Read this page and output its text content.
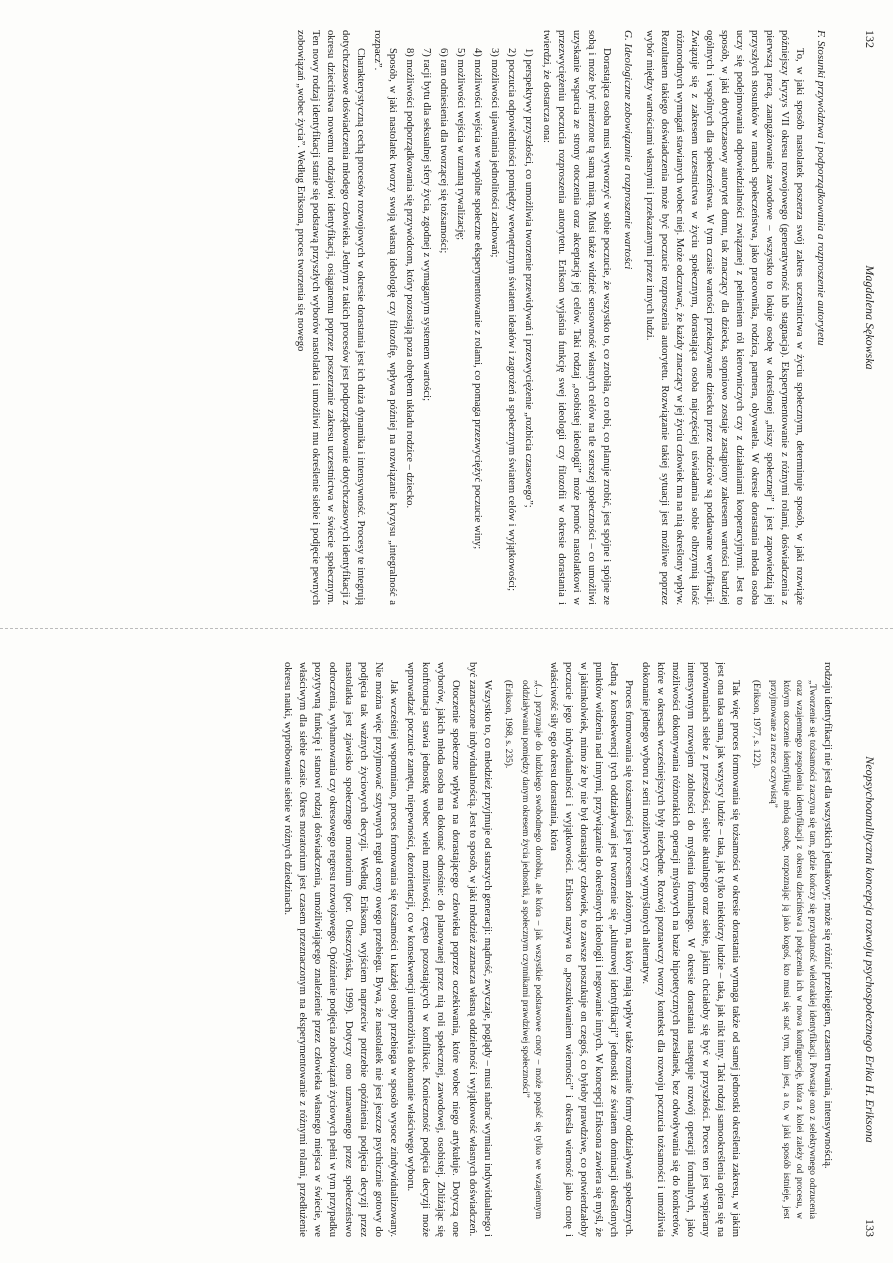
132
Magdalena Sękowska
F. Stosunki przywództwa i podporządkowania a rozproszenie autorytetu

To, w jaki sposób nastolatek poszerza swój zakres uczestnictwa w życiu społecznym, determinuje sposób, w jaki rozwiąże późniejszy kryzys VII okresu rozwojowego (generatywność lub stagnacja). Eksperymentowanie z różnymi rolami, doświadczenia z pierwszą pracą, zaangażowanie zawodowe – wszystko to lokuje osobę w określonej „niszy społecznej” i jest zapowiedzią jej przyszłych stosunków w ramach społeczeństwa, jako pracownika, rodzica, partnera, obywatela. W okresie dorastania młoda osoba uczy się podejmowania odpowiedzialności związanej z pełnieniem ról kierowniczych czy z działaniami kooperacyjnymi. Jest to sposób, w jaki dotychczasowy autorytet domu, tak znaczący dla dziecka, stopniowo zostaje zastąpiony zakresem wartości bardziej ogólnych i wspólnych dla społeczeństwa. W tym czasie wartości przekazywane dziecku przez rodziców są poddawane weryfikacji. Związuje się z zakresem uczestnictwa w życiu społecznym, dorastająca osoba najczęściej uświadamia sobie olbrzymią ilość różnorodnych wymagań stawianych wobec niej. Może odczuwać, że każdy znaczący w jej życiu człowiek ma na nią określony wpływ. Rezultatem takiego doświadczenia może być poczucie rozproszenia autorytetu. Rozwiązanie takiej sytuacji jest możliwe poprzez wybór między wartościami własnymi i przekazanymi przez innych ludzi.

G. Ideologiczne zobowiązanie a rozproszenie wartości

Dorastająca osoba musi wytworzyć w sobie poczucie, że wszystko to, co zrobiła, co robi, co planuje zrobić, jest spójne i spójne ze sobą i może być mierzone tą samą miarą. Musi także widzieć sensowność własnych celów na tle szerszej społeczności – co umożliwi uzyskanie wsparcia ze strony otoczenia oraz akceptację jej celów. Taki rodzaj „osobistej ideologii” może pomóc nastolatkowi w przezwyciężeniu poczucia rozproszenia autorytetu. Erikson wyjaśnia funkcję swej ideologii czy filozofii w okresie dorastania i twierdzi, że dostarcza ona:

1) perspektywy przyszłości, co umożliwia tworzenie przewidywań i przezwyciężenie „rozbicia czasowego”;

2) poczucia odpowiedniości pomiędzy wewnętrznym światem ideałów i zagrożeń a społecznym światem celów i wyjątkowości;

3) możliwości ujawniania jednolitości zachowań;

4) możliwości wejścia we wspólne społeczne eksperymentowanie z rolami, co pomaga przezwyciężyć poczucie winy;

5) możliwości wejścia w uznaną rywalizację;

6) ram odniesienia dla tworzącej się tożsamości;

7) racji bytu dla seksualnej sfery życia, zgodnej z wymaganym systemem wartości;

8) możliwości podporządkowania się przywódcom, który pozostają poza obrębem układu rodzice – dziecko.

Sposób, w jaki nastolatek tworzy swoją własną ideologię czy filozofię, wpływa później na rozwiązanie kryzysu „integralność a rozpacz”.

Charakterystyczną cechą procesów rozwojowych w okresie dorastania jest ich duża dynamika i intensywność. Procesy te integrują dotychczasowe doświadczenia młodego człowieka. Jednym z takich procesów jest podporządkowanie dotychczasowych identyfikacji z okresu dzieciństwa nowemu rodzajowi identyfikacji, osiąganemu poprzez poszerzanie zakresu uczestnictwa w świecie społecznym. Ten nowy rodzaj identyfikacji stanie się podstawą przyszłych wyborów nastolatka i umożliwi mu określenie siebie i podjęcie pewnych zobowiązań „wobec życia”. Według Eriksona, proces tworzenia się nowego

Neopsychoanalityczna koncepcja rozwoju psychospołecznego Erika H. Eriksona
133

rodzaju identyfikacji nie jest dla wszystkich jednakowy; może się różnić przebiegiem, czasem trwania, intensywnością.

„Tworzenie się tożsamości zaczyna się tam, gdzie kończy się przydatność wielorakiej identyfikacji. Powstaje ono z selektywnego odrzucenia oraz wzajemnego zespolenia identyfikacji z okresu dzieciństwa i połączenia ich w nowa konfigurację, która z kolei zależy od procesu, w którym otoczenie identyfikuje młodą osobę, rozpoznając ją jako kogoś, kto musi się stać tym, kim jest, a to, w jaki sposób istnieje, jest przyjmowane za rzecz oczywistą”

(Erikson, 1977, s. 122).

Tak więc proces formowania się tożsamości w okresie dorastania wymaga także od samej jednostki określenia zakresu, w jakim jest ona taka sama, jak wszyscy ludzie – taka, jak tylko niektórzy ludzie – taka, jak nikt inny. Taki rodzaj samookreślenia opiera się na porównaniach siebie z przeszłości, siebie aktualnego oraz siebie, jakim chciałoby się być w przyszłości. Proces ten jest wspierany intensywnym rozwojem zdolności do myślenia formalnego. W okresie dorastania następuje rozwój operacji formalnych, jako możliwości dokonywania różnorakich operacji myślowych na bazie hipotetycznych przesłanek, bez odwoływania się do konkretów, które w okresach wcześniejszych były niezbędne. Rozwój poznawczy tworzy kontekst dla rozwoju poczucia tożsamości i umożliwia dokonanie jednego wyboru z serii możliwych czy wymyślonych alternatyw.

Proces formowania się tożsamości jest procesem złożonym, na który mają wpływ także rozmaite formy oddziaływań społecznych. Jedną z konsekwencji tych oddziaływań jest tworzenie się „kulturowej identyfikacji” jednostki ze światem dominacji określonych punktów widzenia nad innymi, przywiązanie do określonych ideologii i negowanie innych. W koncepcji Eriksona zawiera się myśl, że w jakimkolwiek, mimo że by nie był dorastający człowiek, to zawsze poszukuje on czegoś, co byłoby prawdziwe, co potwierdzałoby poczucie jego indywidualności i wyjątkowości. Erikson nazywa to „poszukiwaniem wierności” i określa wierność jako cnotę i właściwość siły ego okresu dorastania, która

„(...) przyznaje do ludzkiego swobodnego dorobku, ale która – jak wszystkie podstawowe cnoty – może popaść się tylko we wzajemnym oddziaływaniu pomiędzy danym okresem życia jednostki, a społecznym czynnikami prawdziwej społeczności”

(Erikson, 1968, s. 235).

Wszystko to, co młodzież przyjmuje od starszych generacji: mądrość, zwyczaje, poglądy – musi nabrać wymiaru indywidualnego i być zaznaczone indywidualnością. Jest to sposób, w jaki młodzież zaznacza własną oddzielność i wyjątkowość własnych doświadczeń.

Otoczenie społeczne wpływa na dorastającego człowieka poprzez oczekiwania, które wobec niego artykułuje. Dotyczą one wyborów, jakich młoda osoba ma dokonać odnośnie: do planowanej przez nią roli społecznej, zawodowej, osobistej. Zbliżając się konfrontacja stawia jednostkę wobec wielu możliwości, często pozostających w konflikcie. Konieczność podjęcia decyzji może wprowadzać poczucie zamętu, niepewności, dezorientacji, co w konsekwencji uniemożliwia dokonanie właściwego wyboru.

Jak wcześniej wspomniano, proces formowania się tożsamości u każdej osoby przebiega w sposób wysoce zindywidualizowany. Nie można więc przyjmować sztywnych reguł oceny owego przebiegu. Bywa, że nastolatek nie jest jeszcze psychicznie gotowy do podjęcia tak ważnych życiowych decyzji. Według Eriksona, wyjściem naprzeciw potrzebie opóźnienia podjęcia decyzji przez nastolatka jest zjawisko społecznego moratorium (por. Oleszczyńska, 1999). Dotyczy ono uznawanego przez społeczeństwo odroczenia, wyhamowania czy okresowego regresu rozwojowego. Opóźnienie podjęcia zobowiązań życiowych pełni w tym przypadku pozytywną funkcję i stanowi rodzaj doświadczenia, umożliwiającego znalezienie przez człowieka własnego miejsca w świecie, we właściwym dla siebie czasie. Okres moratorium jest czasem przeznaczonym na eksperymentowanie z różnymi rolami, przedłużenie okresu nauki, wypróbowanie siebie w różnych dziedzinach.
